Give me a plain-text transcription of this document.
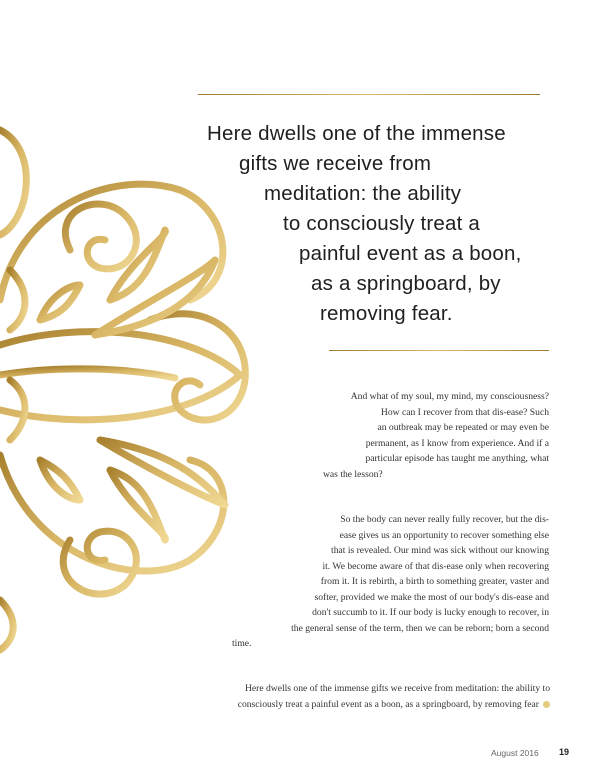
Here dwells one of the immense
gifts we receive from
meditation: the ability
to consciously treat a
painful event as a boon,
as a springboard, by
removing fear.

And what of my soul, my mind, my consciousness?

How can I recover from that dis-ease? Such

an outbreak may be repeated or may even be

permanent, as I know from experience. And if a

particular episode has taught me anything, what

was the lesson?

So the body can never really fully recover, but the dis-

ease gives us an opportunity to recover something else

that is revealed. Our mind was sick without our knowing

it. We become aware of that dis-ease only when recovering

from it. It is rebirth, a birth to something greater, vaster and

softer, provided we make the most of our body's dis-ease and

don't succumb to it. If our body is lucky enough to recover, in

the general sense of the term, then we can be reborn; born a second

time.

Here dwells one of the immense gifts we receive from meditation: the ability to

consciously treat a painful event as a boon, as a springboard, by removing fear

August 2016 19
